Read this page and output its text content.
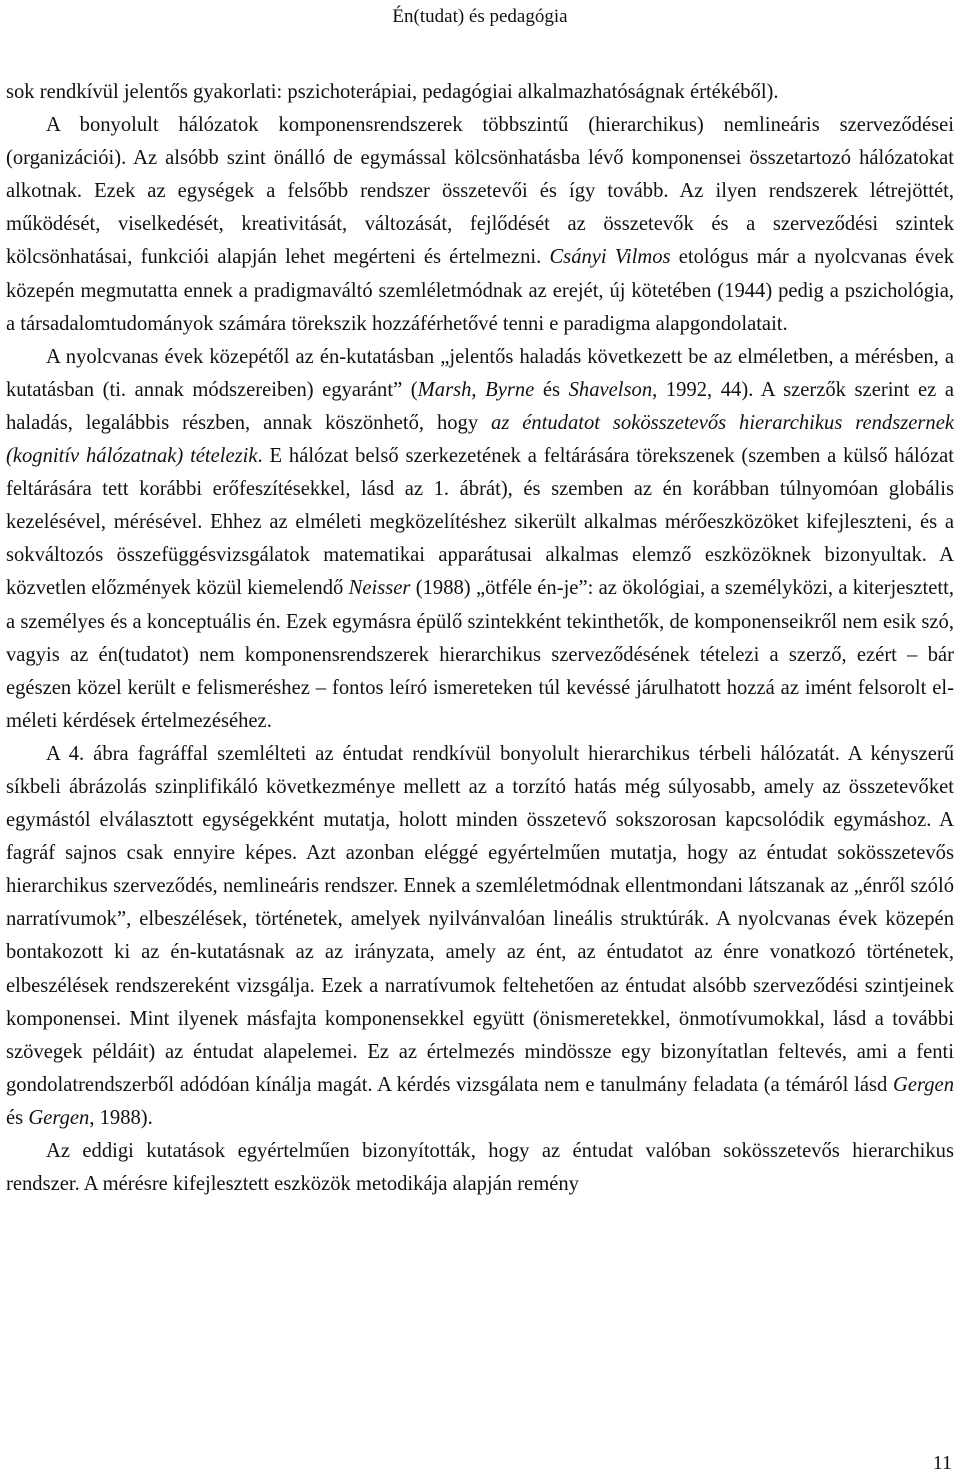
Én(tudat) és pedagógia

sok rendkívül jelentős gyakorlati: pszichoterápiai, pedagógiai alkalmazhatóságnak értékéből).

A bonyolult hálózatok komponensrendszerek többszintű (hierarchikus) nemlineáris szerveződései (organizációi). Az alsóbb szint önálló de egymással kölcsönhatásba lévő komponensei összetartozó hálózatokat alkotnak. Ezek az egységek a felsőbb rendszer összetevői és így tovább. Az ilyen rendszerek létrejöttét, működését, viselkedését, kreativitását, változását, fejlődését az összetevők és a szerveződési szintek kölcsönhatásai, funkciói alapján lehet megérteni és értelmezni. Csányi Vilmos etológus már a nyolcvanas évek közepén megmutatta ennek a pradigmaváltó szemléletmódnak az erejét, új kötetében (1944) pedig a pszichológia, a társadalomtudományok számára törekszik hozzáférhetővé tenni e paradigma alapgondolatait.

A nyolcvanas évek közepétől az én-kutatásban „jelentős haladás következett be az elméletben, a mérésben, a kutatásban (ti. annak módszereiben) egyaránt” (Marsh, Byrne és Shavelson, 1992, 44). A szerzők szerint ez a haladás, legalábbis részben, annak köszönhető, hogy az éntudatot sokösszetevős hierarchikus rendszernek (kognitív hálózatnak) tételezik. E hálózat belső szerkezetének a feltárására törekszenek (szemben a külső hálózat feltárására tett korábbi erőfeszítésekkel, lásd az 1. ábrát), és szemben az én korábban túlnyomóan globális kezelésével, mérésével. Ehhez az elméleti megközelítéshez sikerült alkalmas mérőeszközöket kifejleszteni, és a sokváltozós összefüggésvizsgálatok matematikai apparátusai alkalmas elemző eszközöknek bizonyultak. A közvetlen előzmények közül kiemelendő Neisser (1988) „ötféle én-je”: az ökológiai, a személyközi, a kiterjesztett, a személyes és a konceptuális én. Ezek egymásra épülő szintekként tekinthetők, de komponenseikről nem esik szó, vagyis az én(tudatot) nem komponensrendszerek hierarchikus szerveződésének tételezi a szerző, ezért – bár egészen közel került e felismeréshez – fontos leíró ismereteken túl kevéssé járulhatott hozzá az imént felsorolt elméleti kérdések értelmezéséhez.

A 4. ábra fagráffal szemlélteti az éntudat rendkívül bonyolult hierarchikus térbeli hálózatát. A kényszerű síkbeli ábrázolás szinplifikáló következménye mellett az a torzító hatás még súlyosabb, amely az összetevőket egymástól elválasztott egységekként mutatja, holott minden összetevő sokszorosan kapcsolódik egymáshoz. A fagráf sajnos csak ennyire képes. Azt azonban eléggé egyértelműen mutatja, hogy az éntudat sokösszetevős hierarchikus szerveződés, nemlineáris rendszer. Ennek a szemléletmódnak ellentmondani látszanak az „énről szóló narratívumok”, elbeszélések, történetek, amelyek nyilvánvalóan lineális struktúrák. A nyolcvanas évek közepén bontakozott ki az én-kutatásnak az az irányzata, amely az ént, az éntudatot az énre vonatkozó történetek, elbeszélések rendszereként vizsgálja. Ezek a narratívumok feltehetően az éntudat alsóbb szerveződési szintjeinek komponensei. Mint ilyenek másfajta komponensekkel együtt (önismeretekkel, önmotívumokkal, lásd a további szövegek példáit) az éntudat alapelemei. Ez az értelmezés mindössze egy bizonyítatlan feltevés, ami a fenti gondolatrendszerből adódóan kínálja magát. A kérdés vizsgálata nem e tanulmány feladata (a témáról lásd Gergen és Gergen, 1988).

Az eddigi kutatások egyértelműen bizonyították, hogy az éntudat valóban sokösszetevős hierarchikus rendszer. A mérésre kifejlesztett eszközök metodikája alapján remény

11
